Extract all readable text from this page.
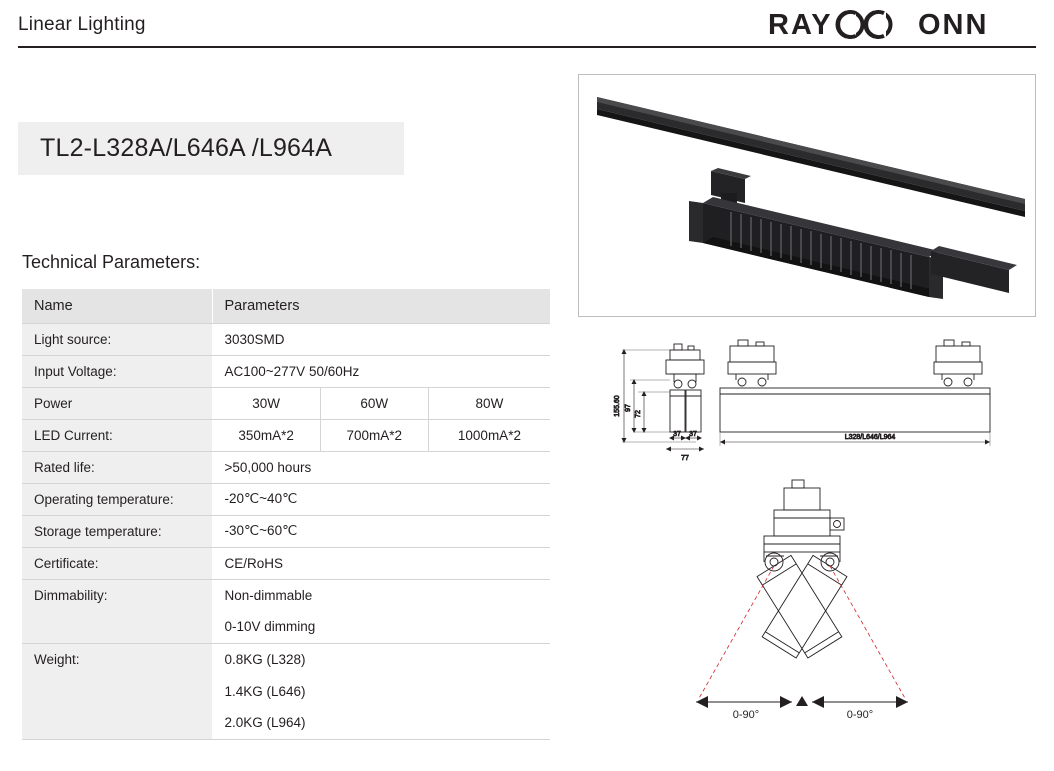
Linear Lighting	RAY	ONN
TL2-L328A/L646A /L964A
Technical Parameters:
Name	Parameters		
Light source:	3030SMD		
Input Voltage:	AC100~277V 50/60Hz		
Power	30W	60W	80W
LED Current:	350mA*2	700mA*2	1000mA*2
Rated life:	>50,000 hours		
Operating temperature:	-20℃~40℃		
Storage temperature:	-30℃~60℃		
Certificate:	CE/RoHS		
Dimmability:	Non-dimmable		
	0-10V dimming		
Weight:	0.8KG (L328)		
	1.4KG (L646)		
	2.0KG (L964)		
155.60 97
72
37 37
77
L328/L646/L964
0-90°	0-90°
